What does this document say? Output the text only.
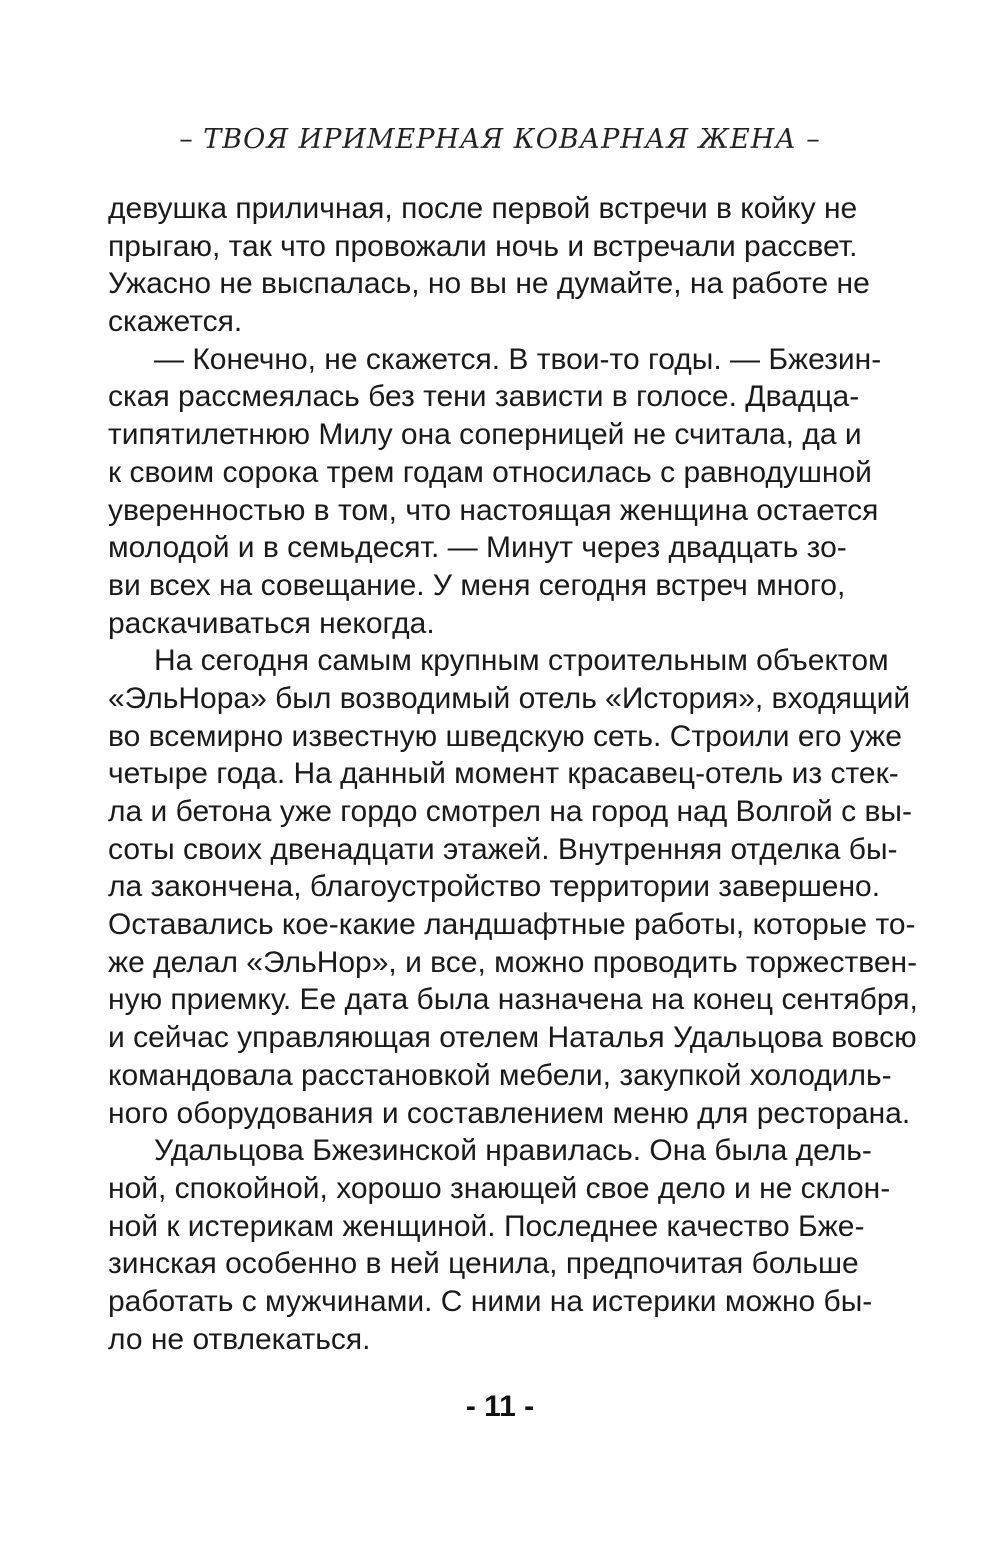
– ТВОЯ ИРИМЕРНАЯ КОВАРНАЯ ЖЕНА –
девушка приличная, после первой встречи в койку не
прыгаю, так что провожали ночь и встречали рассвет.
Ужасно не выспалась, но вы не думайте, на работе не
скажется.
— Конечно, не скажется. В твои-то годы. — Бжезин-
ская рассмеялась без тени зависти в голосе. Двадца-
типятилетнюю Милу она соперницей не считала, да и
к своим сорока трем годам относилась с равнодушной
уверенностью в том, что настоящая женщина остается
молодой и в семьдесят. — Минут через двадцать зо-
ви всех на совещание. У меня сегодня встреч много,
раскачиваться некогда.
На сегодня самым крупным строительным объектом
«ЭльНора» был возводимый отель «История», входящий
во всемирно известную шведскую сеть. Строили его уже
четыре года. На данный момент красавец-отель из стек-
ла и бетона уже гордо смотрел на город над Волгой с вы-
соты своих двенадцати этажей. Внутренняя отделка бы-
ла закончена, благоустройство территории завершено.
Оставались кое-какие ландшафтные работы, которые то-
же делал «ЭльНор», и все, можно проводить торжествен-
ную приемку. Ее дата была назначена на конец сентября,
и сейчас управляющая отелем Наталья Удальцова вовсю
командовала расстановкой мебели, закупкой холодиль-
ного оборудования и составлением меню для ресторана.
Удальцова Бжезинской нравилась. Она была дель-
ной, спокойной, хорошо знающей свое дело и не склон-
ной к истерикам женщиной. Последнее качество Бже-
зинская особенно в ней ценила, предпочитая больше
работать с мужчинами. С ними на истерики можно бы-
ло не отвлекаться.
- 11 -
